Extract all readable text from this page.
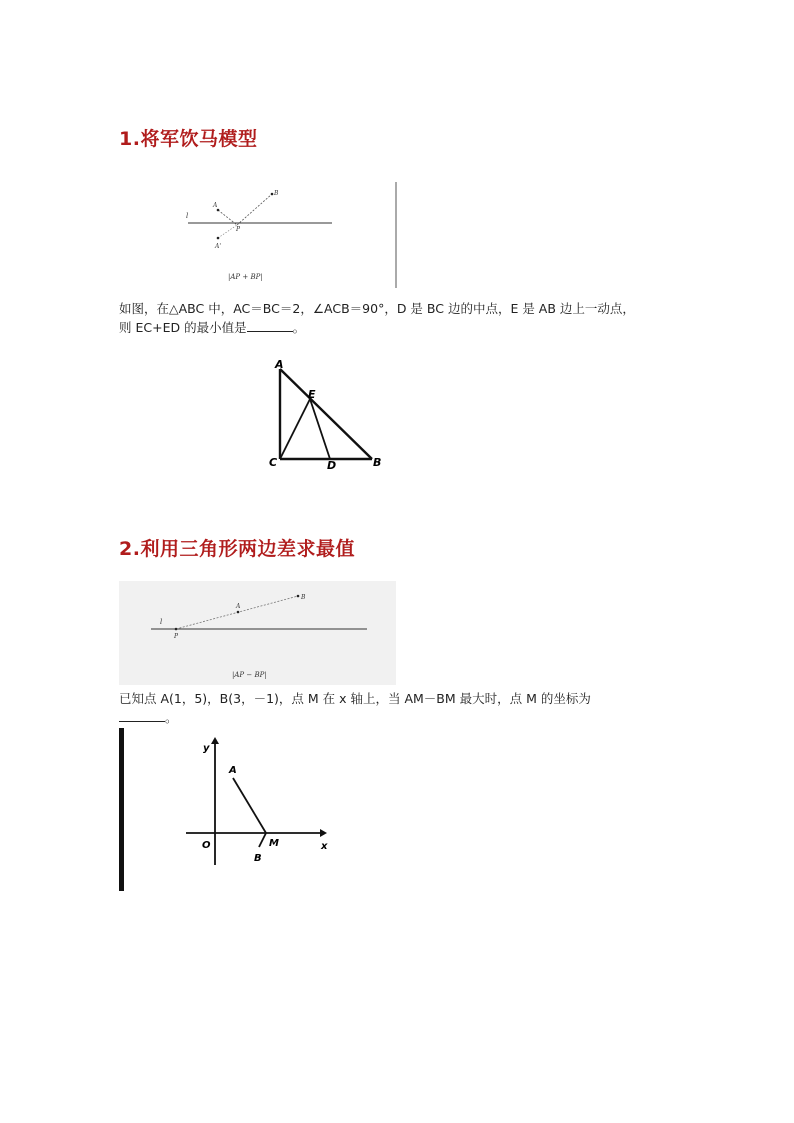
1.将军饮马模型
l
A
B
P
A'
|AP + BP|
如图，在△ABC 中，AC＝BC＝2，∠ACB＝90°，D 是 BC 边的中点，E 是 AB 边上一动点，
则 EC+ED 的最小值是	。
A
E
C	D	B
2.利用三角形两边差求最值
l
P
A
B
|AP − BP|
已知点 A(1，5)，B(3，－1)，点 M 在 x 轴上，当 AM－BM 最大时，点 M 的坐标为
。
y
x
O
A
M
B
